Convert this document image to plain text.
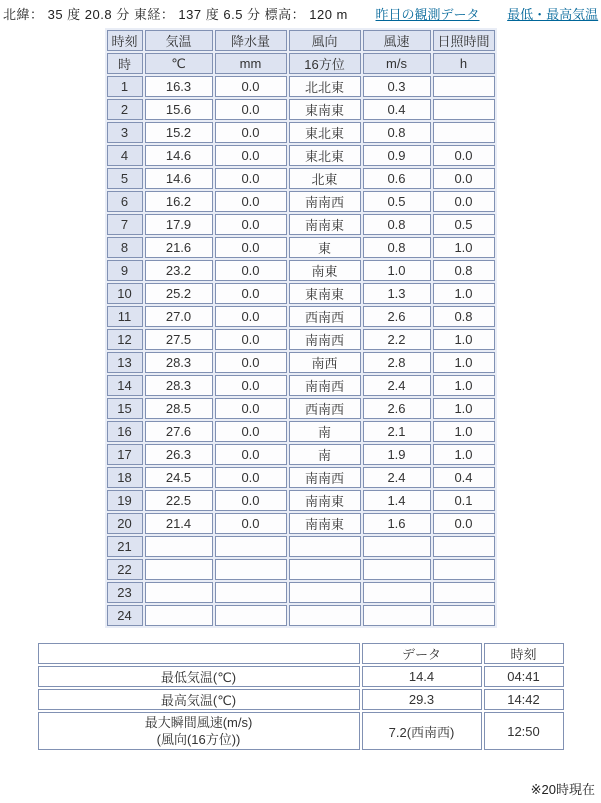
北緯： 35 度 20.8 分 東経： 137 度 6.5 分 標高： 120 m 昨日の観測データ 最低・最高気温
時刻	気温	降水量	風向	風速	日照時間
時	℃	mm	16方位	m/s	h
1	16.3	0.0	北北東	0.3	
2	15.6	0.0	東南東	0.4	
3	15.2	0.0	東北東	0.8	
4	14.6	0.0	東北東	0.9	0.0
5	14.6	0.0	北東	0.6	0.0
6	16.2	0.0	南南西	0.5	0.0
7	17.9	0.0	南南東	0.8	0.5
8	21.6	0.0	東	0.8	1.0
9	23.2	0.0	南東	1.0	0.8
10	25.2	0.0	東南東	1.3	1.0
11	27.0	0.0	西南西	2.6	0.8
12	27.5	0.0	南南西	2.2	1.0
13	28.3	0.0	南西	2.8	1.0
14	28.3	0.0	南南西	2.4	1.0
15	28.5	0.0	西南西	2.6	1.0
16	27.6	0.0	南	2.1	1.0
17	26.3	0.0	南	1.9	1.0
18	24.5	0.0	南南西	2.4	0.4
19	22.5	0.0	南南東	1.4	0.1
20	21.4	0.0	南南東	1.6	0.0
21					
22					
23					
24					
	データ	時刻
最低気温(℃)	14.4	04:41
最高気温(℃)	29.3	14:42
最大瞬間風速(m/s)
(風向(16方位))	7.2(西南西)	12:50
※20時現在
